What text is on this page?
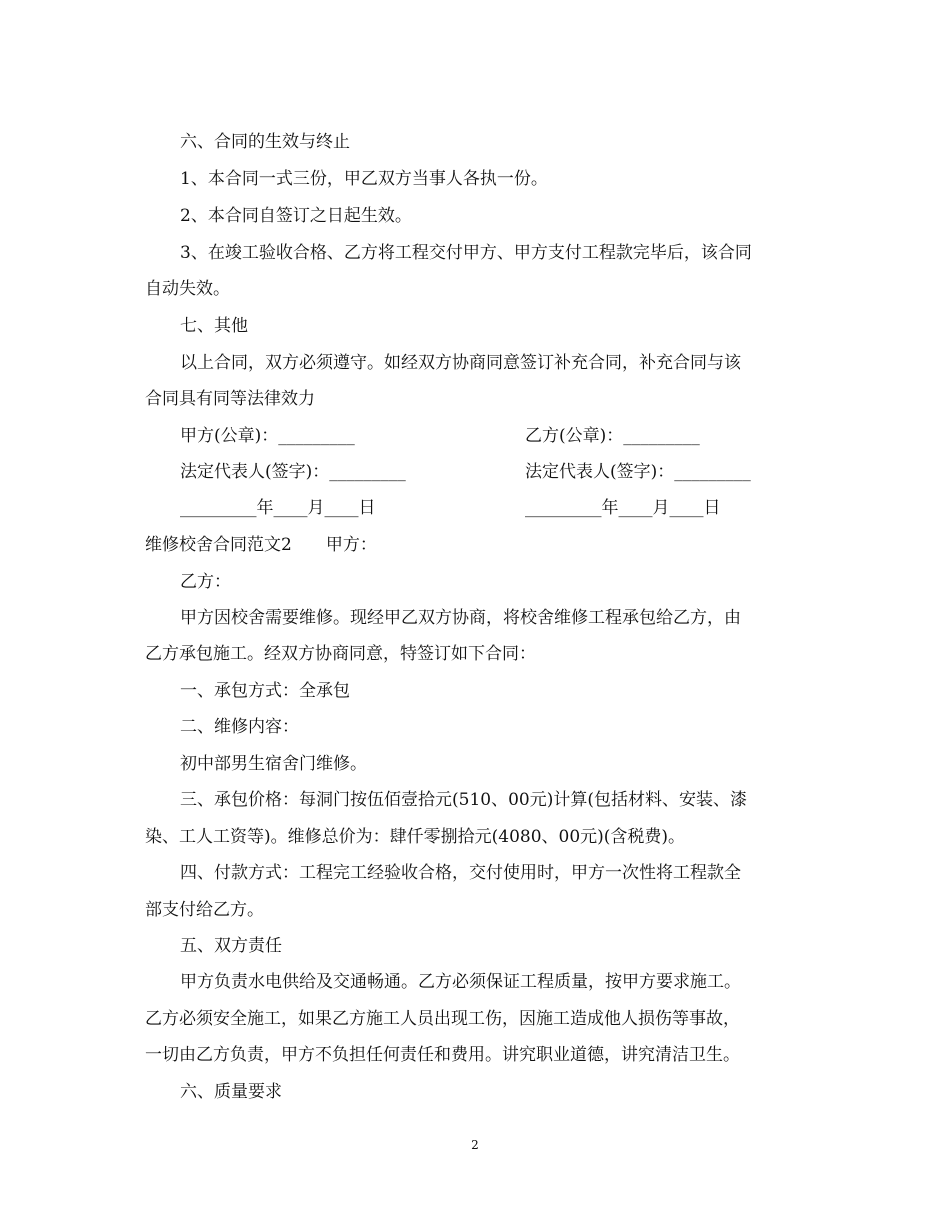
六、合同的生效与终止
1、本合同一式三份，甲乙双方当事人各执一份。
2、本合同自签订之日起生效。
3、在竣工验收合格、乙方将工程交付甲方、甲方支付工程款完毕后，该合同
自动失效。
七、其他
以上合同，双方必须遵守。如经双方协商同意签订补充合同，补充合同与该
合同具有同等法律效力
甲方(公章)：_________	乙方(公章)：_________
法定代表人(签字)：_________	法定代表人(签字)：_________
_________年____月____日	_________年____月____日
维修校舍合同范文2　　甲方：
乙方：
甲方因校舍需要维修。现经甲乙双方协商，将校舍维修工程承包给乙方，由
乙方承包施工。经双方协商同意，特签订如下合同：
一、承包方式：全承包
二、维修内容：
初中部男生宿舍门维修。
三、承包价格：每洞门按伍佰壹拾元(510、00元)计算(包括材料、安装、漆
染、工人工资等)。维修总价为：肆仟零捌拾元(4080、00元)(含税费)。
四、付款方式：工程完工经验收合格，交付使用时，甲方一次性将工程款全
部支付给乙方。
五、双方责任
甲方负责水电供给及交通畅通。乙方必须保证工程质量，按甲方要求施工。
乙方必须安全施工，如果乙方施工人员出现工伤，因施工造成他人损伤等事故，
一切由乙方负责，甲方不负担任何责任和费用。讲究职业道德，讲究清洁卫生。
六、质量要求
2
